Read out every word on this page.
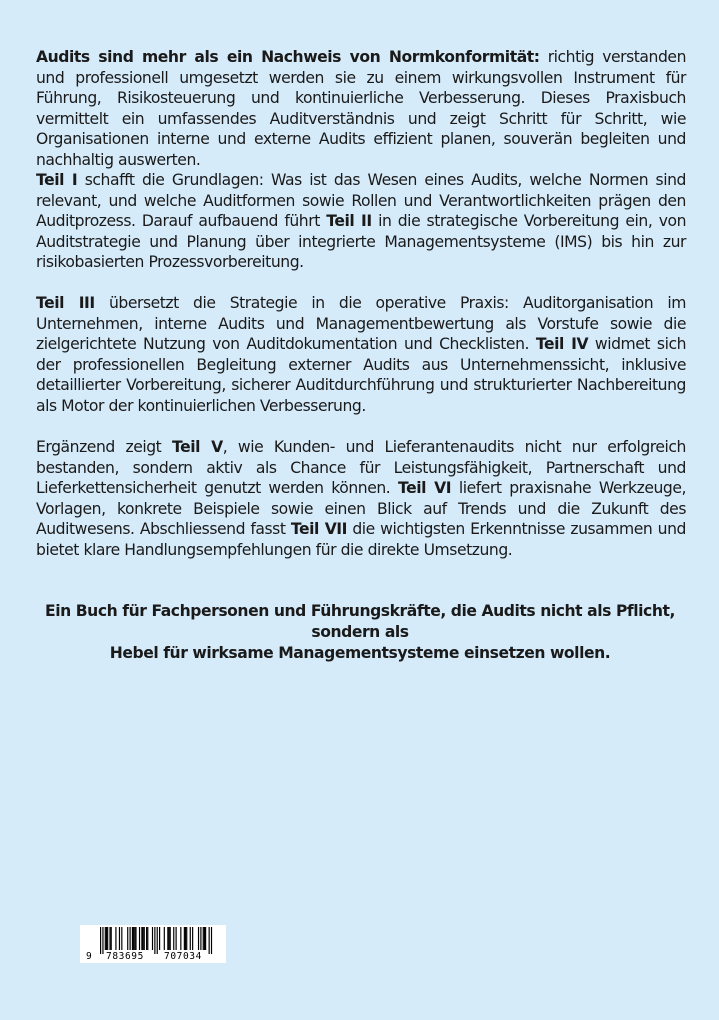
Audits sind mehr als ein Nachweis von Normkonformität: richtig verstanden und professionell umgesetzt werden sie zu einem wirkungsvollen Instrument für Führung, Risikosteuerung und kontinuierliche Verbesserung. Dieses Praxisbuch vermittelt ein umfassendes Auditverständnis und zeigt Schritt für Schritt, wie Organisationen interne und externe Audits effizient planen, souverän begleiten und nachhaltig auswerten.
Teil I schafft die Grundlagen: Was ist das Wesen eines Audits, welche Normen sind relevant, und welche Auditformen sowie Rollen und Verantwortlichkeiten prägen den Auditprozess. Darauf aufbauend führt Teil II in die strategische Vorbereitung ein, von Auditstrategie und Planung über integrierte Managementsysteme (IMS) bis hin zur risikobasierten Prozessvorbereitung.
Teil III übersetzt die Strategie in die operative Praxis: Auditorganisation im Unternehmen, interne Audits und Managementbewertung als Vorstufe sowie die zielgerichtete Nutzung von Auditdokumentation und Checklisten. Teil IV widmet sich der professionellen Begleitung externer Audits aus Unternehmenssicht, inklusive detaillierter Vorbereitung, sicherer Auditdurchführung und strukturierter Nachbereitung als Motor der kontinuierlichen Verbesserung.
Ergänzend zeigt Teil V, wie Kunden- und Lieferantenaudits nicht nur erfolgreich bestanden, sondern aktiv als Chance für Leistungsfähigkeit, Partnerschaft und Lieferkettensicherheit genutzt werden können. Teil VI liefert praxisnahe Werkzeuge, Vorlagen, konkrete Beispiele sowie einen Blick auf Trends und die Zukunft des Auditwesens. Abschliessend fasst Teil VII die wichtigsten Erkenntnisse zusammen und bietet klare Handlungsempfehlungen für die direkte Umsetzung.
Ein Buch für Fachpersonen und Führungskräfte, die Audits nicht als Pflicht, sondern als
Hebel für wirksame Managementsysteme einsetzen wollen.
9 783695 707034
